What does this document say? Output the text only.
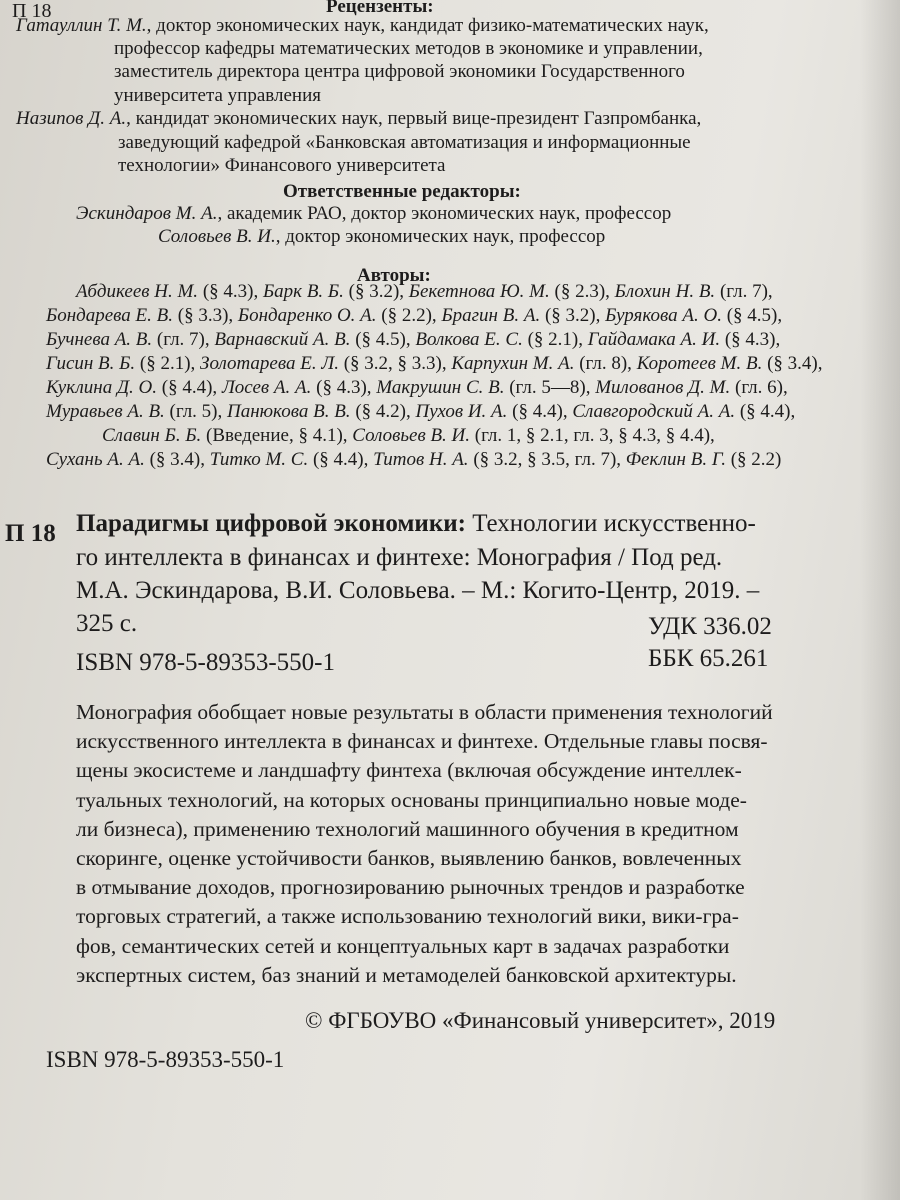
П 18	Рецензенты:
Гатауллин Т. М., доктор экономических наук, кандидат физико-математических наук,
профессор кафедры математических методов в экономике и управлении,
заместитель директора центра цифровой экономики Государственного
университета управления
Назипов Д. А., кандидат экономических наук, первый вице-президент Газпромбанка,
заведующий кафедрой «Банковская автоматизация и информационные
технологии» Финансового университета
Ответственные редакторы:
Эскиндаров М. А., академик РАО, доктор экономических наук, профессор
Соловьев В. И., доктор экономических наук, профессор
Авторы:
Абдикеев Н. М. (§ 4.3), Барк В. Б. (§ 3.2), Бекетнова Ю. М. (§ 2.3), Блохин Н. В. (гл. 7),
Бондарева Е. В. (§ 3.3), Бондаренко О. А. (§ 2.2), Брагин В. А. (§ 3.2), Бурякова А. О. (§ 4.5),
Бучнева А. В. (гл. 7), Варнавский А. В. (§ 4.5), Волкова Е. С. (§ 2.1), Гайдамака А. И. (§ 4.3),
Гисин В. Б. (§ 2.1), Золотарева Е. Л. (§ 3.2, § 3.3), Карпухин М. А. (гл. 8), Коротеев М. В. (§ 3.4),
Куклина Д. О. (§ 4.4), Лосев А. А. (§ 4.3), Макрушин С. В. (гл. 5—8), Милованов Д. М. (гл. 6),
Муравьев А. В. (гл. 5), Панюкова В. В. (§ 4.2), Пухов И. А. (§ 4.4), Славгородский А. А. (§ 4.4),
Славин Б. Б. (Введение, § 4.1), Соловьев В. И. (гл. 1, § 2.1, гл. 3, § 4.3, § 4.4),
Сухань А. А. (§ 3.4), Титко М. С. (§ 4.4), Титов Н. А. (§ 3.2, § 3.5, гл. 7), Феклин В. Г. (§ 2.2)
П 18 Парадигмы цифровой экономики: Технологии искусственно-
го интеллекта в финансах и финтехе: Монография / Под ред.
М.А. Эскиндарова, В.И. Соловьева. – М.: Когито-Центр, 2019. –
325 с.	УДК 336.02
ISBN 978-5-89353-550-1	ББК 65.261
Монография обобщает новые результаты в области применения технологий
искусственного интеллекта в финансах и финтехе. Отдельные главы посвя-
щены экосистеме и ландшафту финтеха (включая обсуждение интеллек-
туальных технологий, на которых основаны принципиально новые моде-
ли бизнеса), применению технологий машинного обучения в кредитном
скоринге, оценке устойчивости банков, выявлению банков, вовлеченных
в отмывание доходов, прогнозированию рыночных трендов и разработке
торговых стратегий, а также использованию технологий вики, вики-гра-
фов, семантических сетей и концептуальных карт в задачах разработки
экспертных систем, баз знаний и метамоделей банковской архитектуры.
© ФГБОУВО «Финансовый университет», 2019
ISBN 978-5-89353-550-1
